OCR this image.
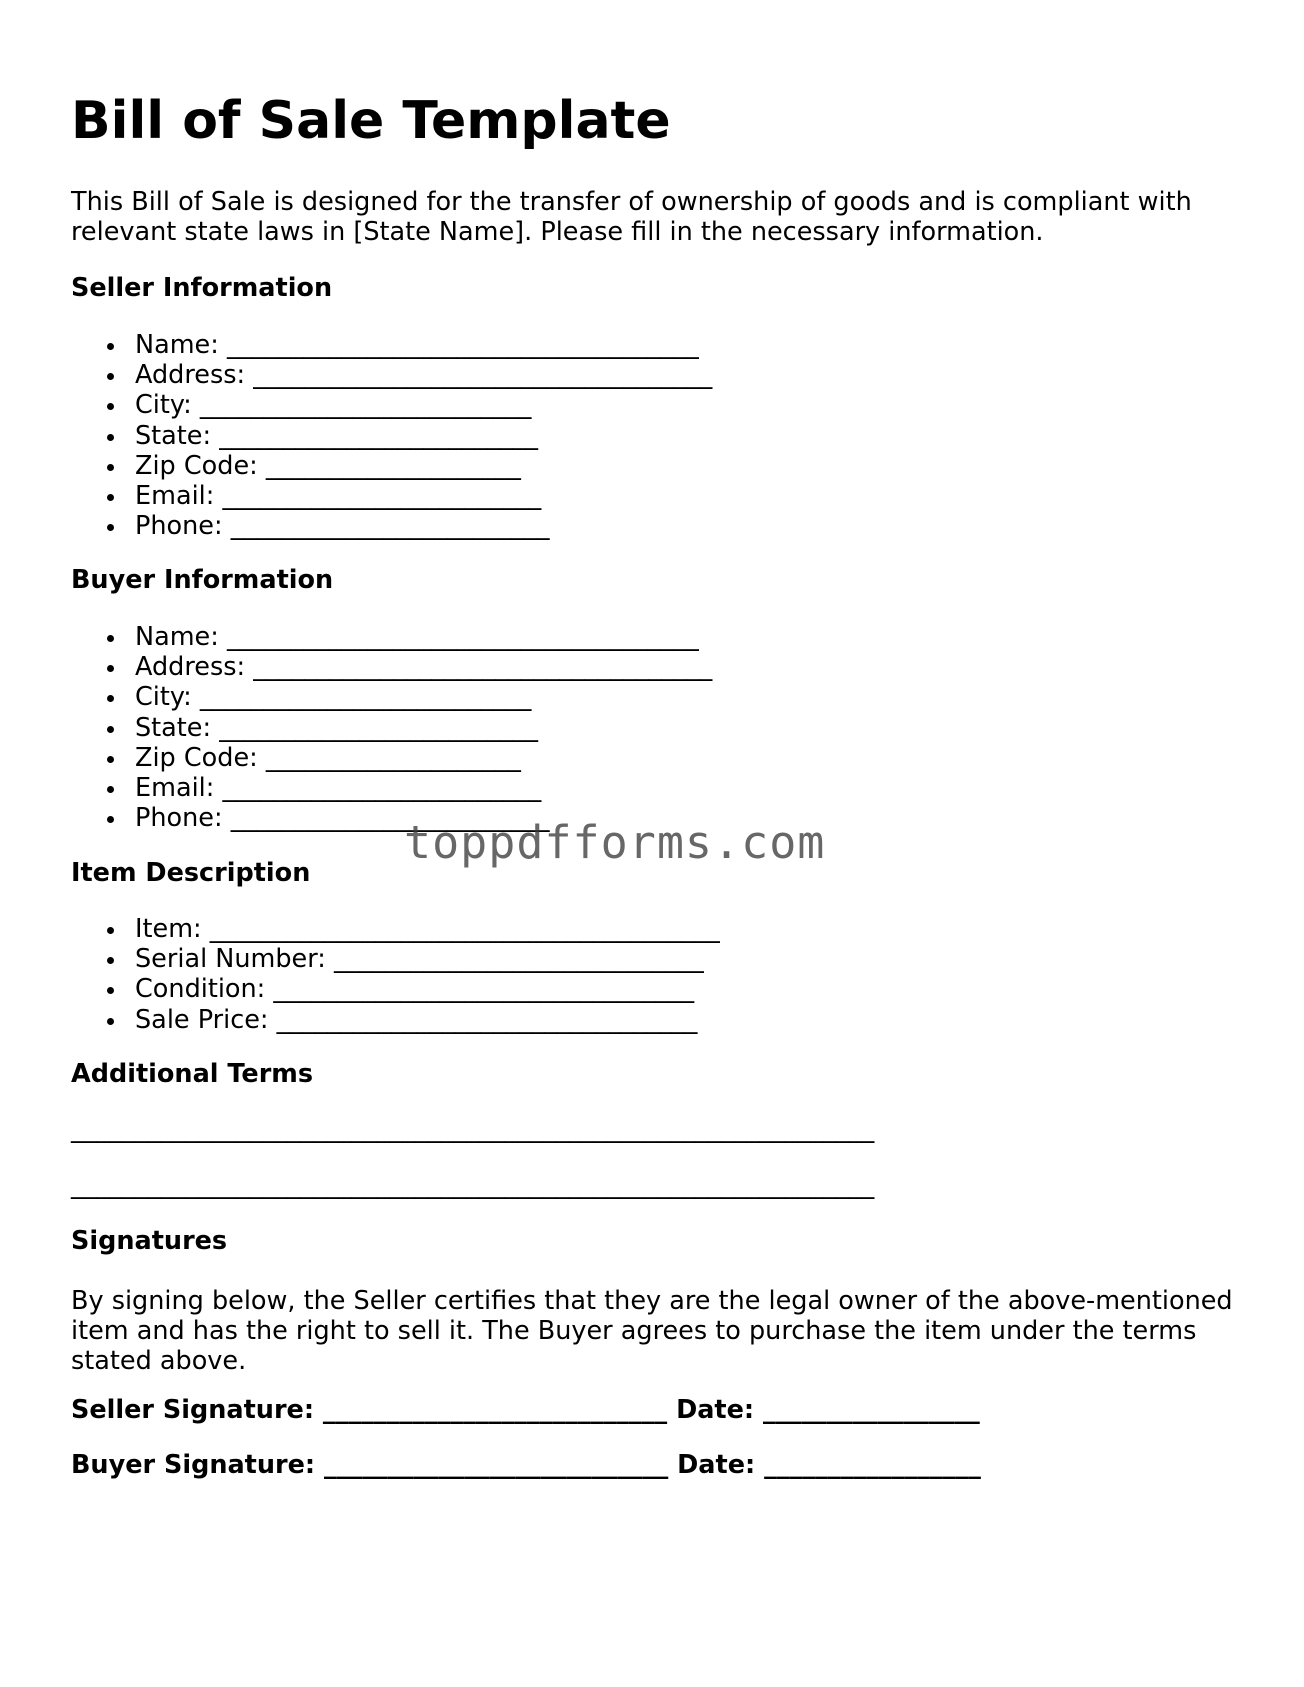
Bill of Sale Template

This Bill of Sale is designed for the transfer of ownership of goods and is compliant with relevant state laws in [State Name]. Please fill in the necessary information.

Seller Information
Name: _____________________________________
Address: ____________________________________
City: __________________________
State: _________________________
Zip Code: ____________________
Email: _________________________
Phone: _________________________
Buyer Information
Name: _____________________________________
Address: ____________________________________
City: __________________________
State: _________________________
Zip Code: ____________________
Email: _________________________
Phone: _________________________
Item Description
Item: ________________________________________
Serial Number: _____________________________
Condition: _________________________________
Sale Price: _________________________________
Additional Terms
_______________________________________________________________
_______________________________________________________________
Signatures

By signing below, the Seller certifies that they are the legal owner of the above-mentioned item and has the right to sell it. The Buyer agrees to purchase the item under the terms stated above.

Seller Signature: ___________________________ Date: _________________
Buyer Signature: ___________________________ Date: _________________
toppdfforms.com
